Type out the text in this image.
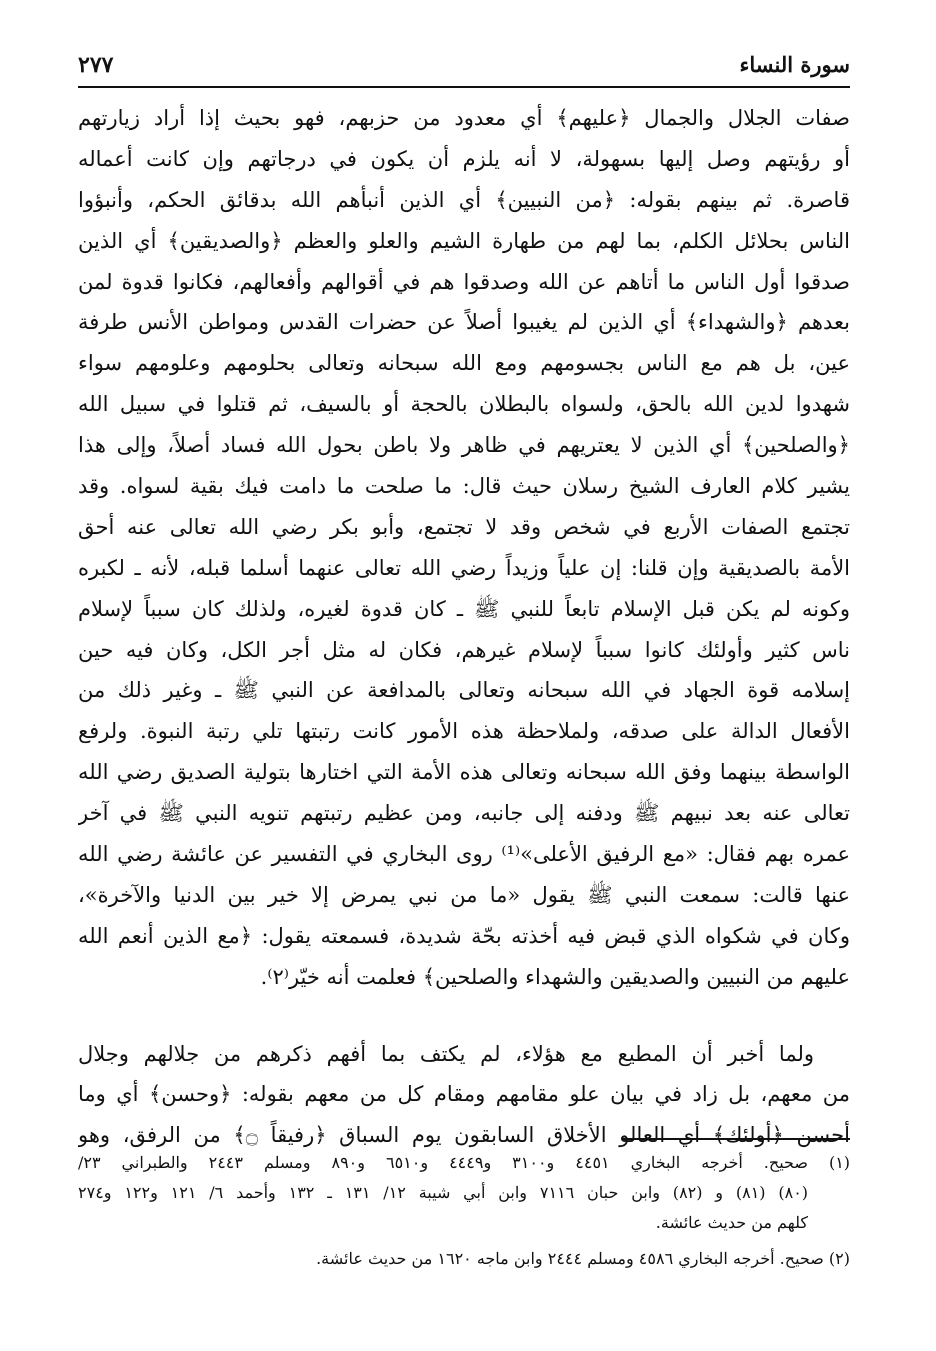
سورة النساء
٢٧٧
صفات الجلال والجمال ﴿عليهم﴾ أي معدود من حزبهم، فهو بحيث إذا أراد زيارتهم
أو رؤيتهم وصل إليها بسهولة، لا أنه يلزم أن يكون في درجاتهم وإن كانت أعماله
قاصرة. ثم بينهم بقوله: ﴿من النبيين﴾ أي الذين أنبأهم الله بدقائق الحكم، وأنبؤوا
الناس بحلائل الكلم، بما لهم من طهارة الشيم والعلو والعظم ﴿والصديقين﴾ أي الذين
صدقوا أول الناس ما أتاهم عن الله وصدقوا هم في أقوالهم وأفعالهم، فكانوا قدوة لمن
بعدهم ﴿والشهداء﴾ أي الذين لم يغيبوا أصلاً عن حضرات القدس ومواطن الأنس طرفة
عين، بل هم مع الناس بجسومهم ومع الله سبحانه وتعالى بحلومهم وعلومهم سواء
شهدوا لدين الله بالحق، ولسواه بالبطلان بالحجة أو بالسيف، ثم قتلوا في سبيل الله
﴿والصلحين﴾ أي الذين لا يعتريهم في ظاهر ولا باطن بحول الله فساد أصلاً، وإلى هذا
يشير كلام العارف الشيخ رسلان حيث قال: ما صلحت ما دامت فيك بقية لسواه. وقد
تجتمع الصفات الأربع في شخص وقد لا تجتمع، وأبو بكر رضي الله تعالى عنه أحق
الأمة بالصديقية وإن قلنا: إن علياً وزيداً رضي الله تعالى عنهما أسلما قبله، لأنه ـ لكبره
وكونه لم يكن قبل الإسلام تابعاً للنبي ﷺ ـ كان قدوة لغيره، ولذلك كان سبباً لإسلام
ناس كثير وأولئك كانوا سبباً لإسلام غيرهم، فكان له مثل أجر الكل، وكان فيه حين
إسلامه قوة الجهاد في الله سبحانه وتعالى بالمدافعة عن النبي ﷺ ـ وغير ذلك من
الأفعال الدالة على صدقه، ولملاحظة هذه الأمور كانت رتبتها تلي رتبة النبوة. ولرفع
الواسطة بينهما وفق الله سبحانه وتعالى هذه الأمة التي اختارها بتولية الصديق رضي الله
تعالى عنه بعد نبيهم ﷺ ودفنه إلى جانبه، ومن عظيم رتبتهم تنويه النبي ﷺ في آخر
عمره بهم فقال: «مع الرفيق الأعلى»⁽¹⁾ روى البخاري في التفسير عن عائشة رضي الله
عنها قالت: سمعت النبي ﷺ يقول «ما من نبي يمرض إلا خير بين الدنيا والآخرة»،
وكان في شكواه الذي قبض فيه أخذته بحّة شديدة، فسمعته يقول: ﴿مع الذين أنعم الله
عليهم من النبيين والصديقين والشهداء والصلحين﴾ فعلمت أنه خيّر⁽٢⁾.
ولما أخبر أن المطيع مع هؤلاء، لم يكتف بما أفهم ذكرهم من جلالهم وجلال
من معهم، بل زاد في بيان علو مقامهم ومقام كل من معهم بقوله: ﴿وحسن﴾ أي وما
أحسن ﴿أولئك﴾ أي العالو الأخلاق السابقون يوم السباق ﴿رفيقاً ۝﴾ من الرفق، وهو
(١) صحيح. أخرجه البخاري ٤٤٥١ و٣١٠٠ و٤٤٤٩ و٦٥١٠ و٨٩٠ ومسلم ٢٤٤٣ والطبراني ٢٣/
(٨٠) (٨١) و (٨٢) وابن حبان ٧١١٦ وابن أبي شيبة ١٢/ ١٣١ ـ ١٣٢ وأحمد ٦/ ١٢١ و١٢٢ و٢٧٤
كلهم من حديث عائشة.
(٢) صحيح. أخرجه البخاري ٤٥٨٦ ومسلم ٢٤٤٤ وابن ماجه ١٦٢٠ من حديث عائشة.
